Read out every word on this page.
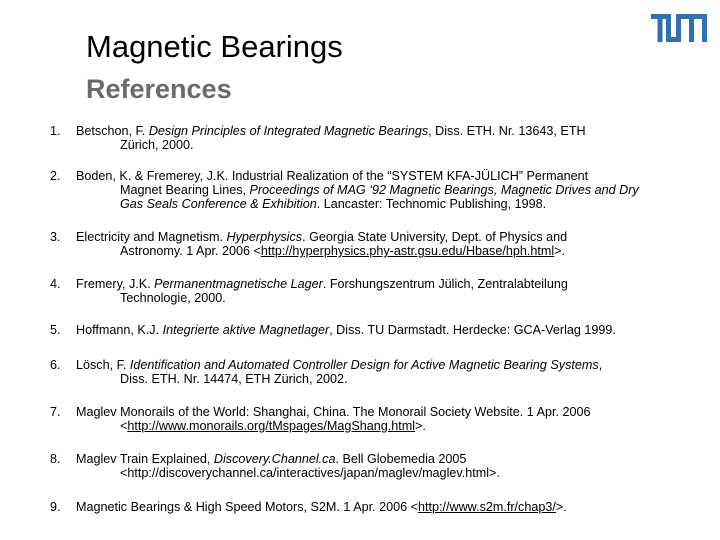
Magnetic Bearings
References
1. Betschon, F. Design Principles of Integrated Magnetic Bearings, Diss. ETH. Nr. 13643, ETH
Zürich, 2000.
2. Boden, K. & Fremerey, J.K. Industrial Realization of the “SYSTEM KFA-JÜLICH” Permanent
Magnet Bearing Lines, Proceedings of MAG ‘92 Magnetic Bearings, Magnetic Drives and Dry
Gas Seals Conference & Exhibition. Lancaster: Technomic Publishing, 1998.
3. Electricity and Magnetism. Hyperphysics. Georgia State University, Dept. of Physics and
Astronomy. 1 Apr. 2006 <http://hyperphysics.phy-astr.gsu.edu/Hbase/hph.html>.
4. Fremery, J.K. Permanentmagnetische Lager. Forshungszentrum Jülich, Zentralabteilung
Technologie, 2000.
5. Hoffmann, K.J. Integrierte aktive Magnetlager, Diss. TU Darmstadt. Herdecke: GCA-Verlag 1999.
6. Lösch, F. Identification and Automated Controller Design for Active Magnetic Bearing Systems,
Diss. ETH. Nr. 14474, ETH Zürich, 2002.
7. Maglev Monorails of the World: Shanghai, China. The Monorail Society Website. 1 Apr. 2006
<http://www.monorails.org/tMspages/MagShang.html>.
8. Maglev Train Explained, Discovery.Channel.ca. Bell Globemedia 2005
<http://discoverychannel.ca/interactives/japan/maglev/maglev.html>.
9. Magnetic Bearings & High Speed Motors, S2M. 1 Apr. 2006 <http://www.s2m.fr/chap3/>.
